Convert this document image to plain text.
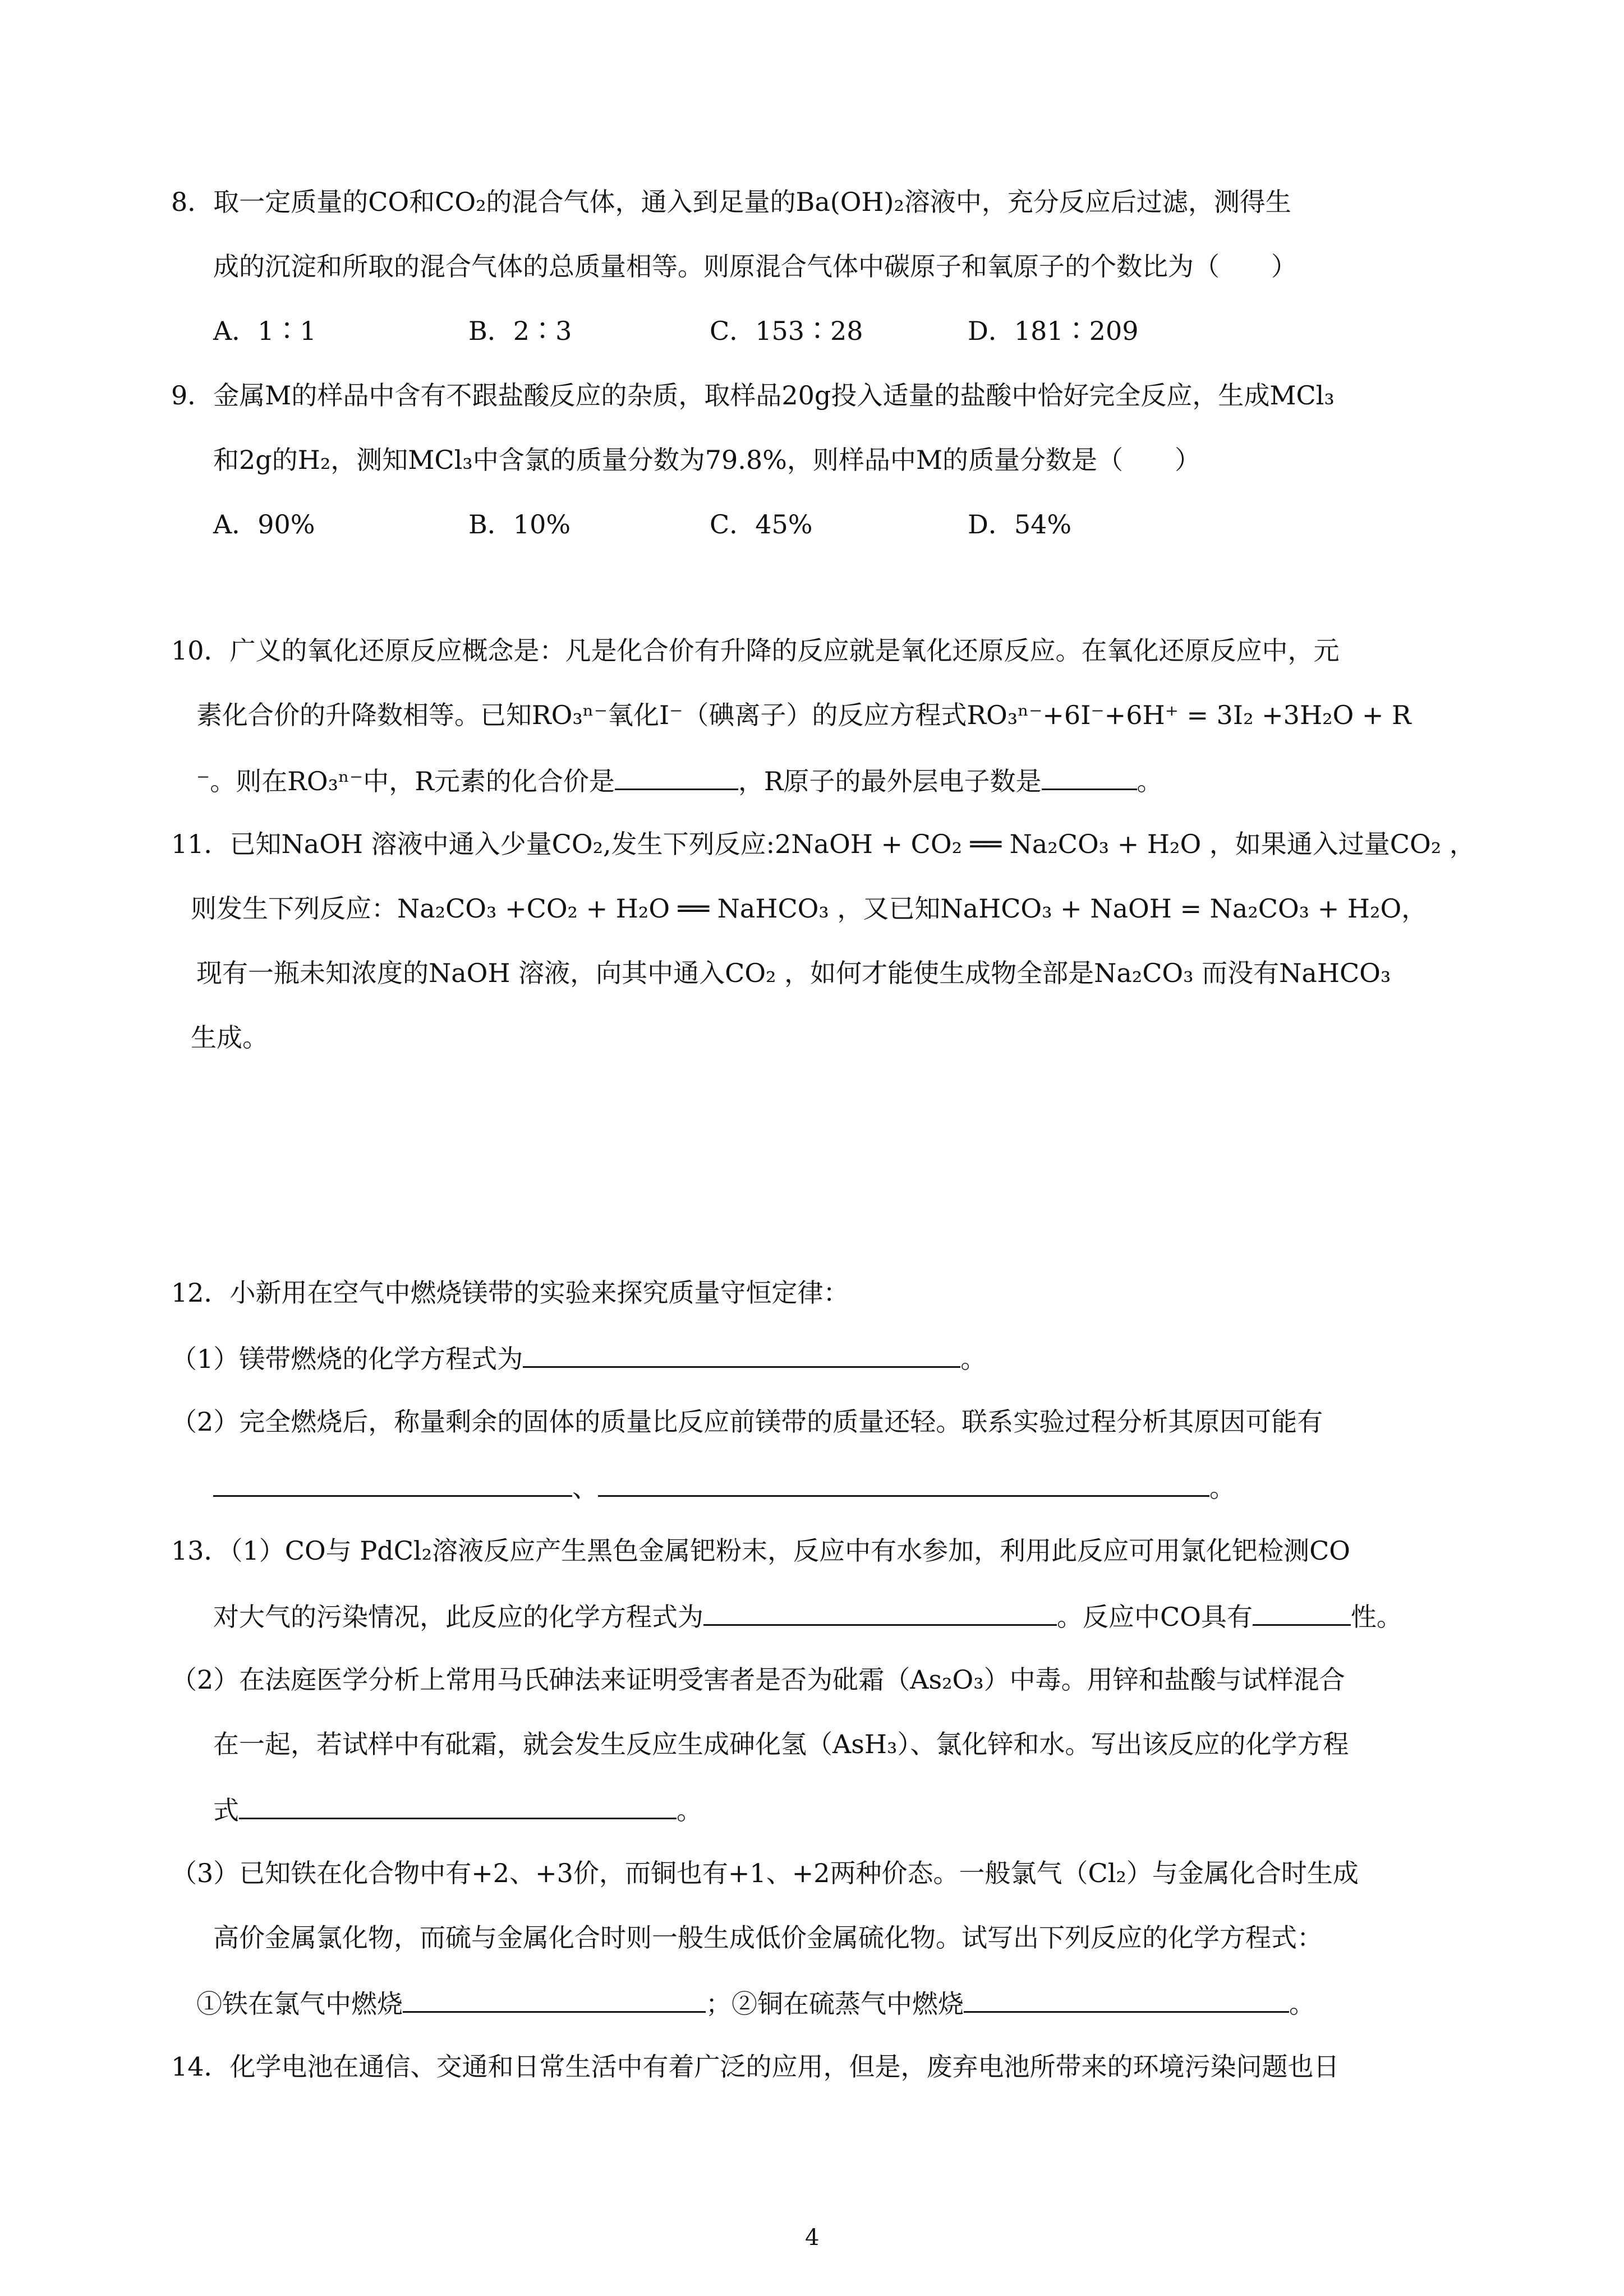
8．取一定质量的CO和CO₂的混合气体，通入到足量的Ba(OH)₂溶液中，充分反应后过滤，测得生
成的沉淀和所取的混合气体的总质量相等。则原混合气体中碳原子和氧原子的个数比为（　　）
A．1∶1	B．2∶3	C．153∶28	D．181∶209
9．金属M的样品中含有不跟盐酸反应的杂质，取样品20g投入适量的盐酸中恰好完全反应，生成MCl₃
和2g的H₂，测知MCl₃中含氯的质量分数为79.8%，则样品中M的质量分数是（　　）
A．90%	B．10%	C．45%	D．54%
10．广义的氧化还原反应概念是：凡是化合价有升降的反应就是氧化还原反应。在氧化还原反应中，元
素化合价的升降数相等。已知RO₃ⁿ⁻氧化I⁻（碘离子）的反应方程式RO₃ⁿ⁻+6I⁻+6H⁺ = 3I₂ +3H₂O + R
⁻。则在RO₃ⁿ⁻中，R元素的化合价是	，R原子的最外层电子数是	。
11．已知NaOH 溶液中通入少量CO₂,发生下列反应:2NaOH + CO₂ ══ Na₂CO₃ + H₂O ，如果通入过量CO₂ ，
则发生下列反应：Na₂CO₃ +CO₂ + H₂O ══ NaHCO₃ ，又已知NaHCO₃ + NaOH = Na₂CO₃ + H₂O，
现有一瓶未知浓度的NaOH 溶液，向其中通入CO₂ ，如何才能使生成物全部是Na₂CO₃ 而没有NaHCO₃
生成。
12．小新用在空气中燃烧镁带的实验来探究质量守恒定律：
（1）镁带燃烧的化学方程式为	。
（2）完全燃烧后，称量剩余的固体的质量比反应前镁带的质量还轻。联系实验过程分析其原因可能有
、	。
13．（1）CO与 PdCl₂溶液反应产生黑色金属钯粉末，反应中有水参加，利用此反应可用氯化钯检测CO
对大气的污染情况，此反应的化学方程式为	。反应中CO具有	性。
（2）在法庭医学分析上常用马氏砷法来证明受害者是否为砒霜（As₂O₃）中毒。用锌和盐酸与试样混合
在一起，若试样中有砒霜，就会发生反应生成砷化氢（AsH₃）、氯化锌和水。写出该反应的化学方程
式	。
（3）已知铁在化合物中有+2、+3价，而铜也有+1、+2两种价态。一般氯气（Cl₂）与金属化合时生成
高价金属氯化物，而硫与金属化合时则一般生成低价金属硫化物。试写出下列反应的化学方程式：
①铁在氯气中燃烧	；②铜在硫蒸气中燃烧	。
14．化学电池在通信、交通和日常生活中有着广泛的应用，但是，废弃电池所带来的环境污染问题也日
4
